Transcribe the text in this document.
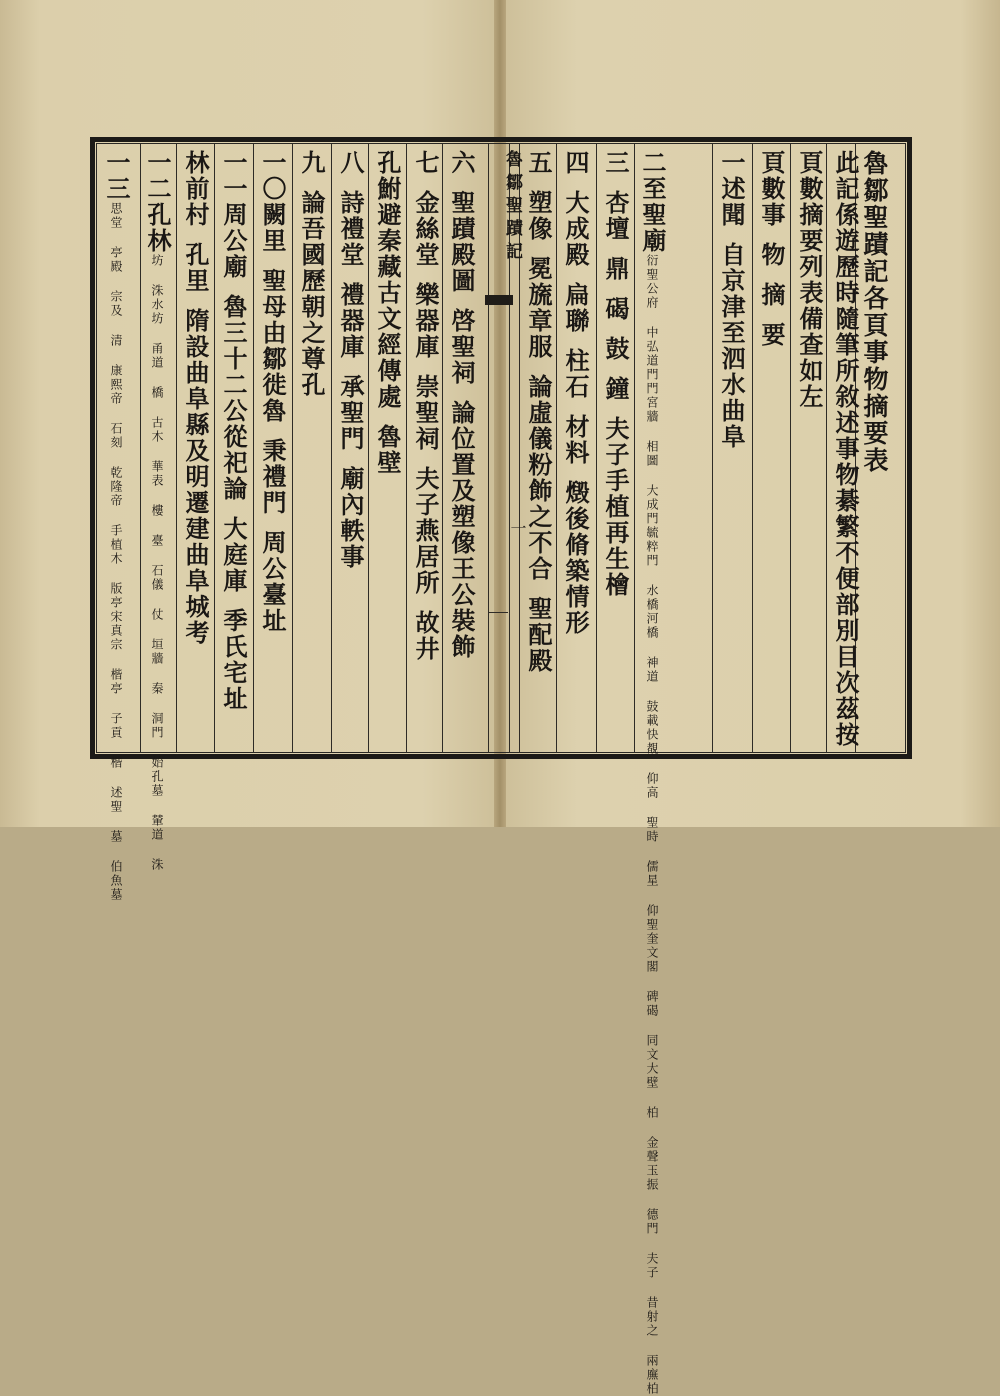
魯鄒聖蹟記
一
魯鄒聖蹟記各頁事物摘要表
此記係遊歷時隨筆所敘述事物綦繁不便部別目次茲按
頁數摘要列表備查如左
頁數事物摘要
一述聞自京津至泗水曲阜
二至聖廟衍聖公府 中弘道門門宮牆 相圖 大成門毓粹門 水橋河橋 神道 鼓載快覩 仰高 聖時 儒星 仰聖奎文閣 碑碣 同文大壁 柏 金聲玉振 德門 夫子 昔射之 兩廡柏
三杏壇鼎碣鼓鐘夫子手植再生檜
四大成殿扁聯柱石材料燬後脩築情形
五塑像冕旒章服論虛儀粉飾之不合聖配殿
六聖蹟殿圖啓聖祠論位置及塑像王公裝飾
七金絲堂樂器庫崇聖祠夫子燕居所故井
孔鮒避秦藏古文經傳處魯壁
八詩禮堂禮器庫承聖門廟內軼事
九論吾國歷朝之尊孔
一〇闕里聖母由鄒徙魯秉禮門周公臺址
一一周公廟魯三十二公從祀論大庭庫季氏宅址
林前村孔里隋設曲阜縣及明遷建曲阜城考
一二孔林坊 洙水坊 甬道 橋 古木 華表 樓 臺 石儀 仗 垣牆 秦 洞門 始孔墓 輦道 洙
一三思堂 亭殿 宗及 清 康熙帝 石刻 乾隆帝 手植木 版亭宋真宗 楷亭 子貢 楷 述聖 墓 伯魚墓
